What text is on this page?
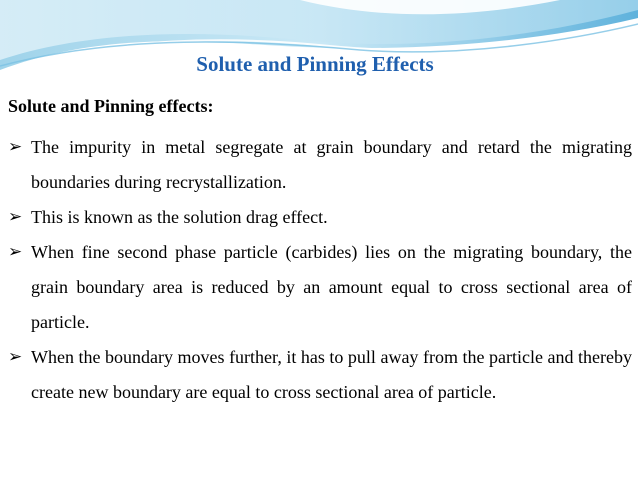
Solute and Pinning Effects
Solute and Pinning effects:
➢ The impurity in metal segregate at grain boundary and retard the migrating boundaries during recrystallization.
➢ This is known as the solution drag effect.
➢ When fine second phase particle (carbides) lies on the migrating boundary, the grain boundary area is reduced by an amount equal to cross sectional area of particle.
➢ When the boundary moves further, it has to pull away from the particle and thereby create new boundary are equal to cross sectional area of particle.
